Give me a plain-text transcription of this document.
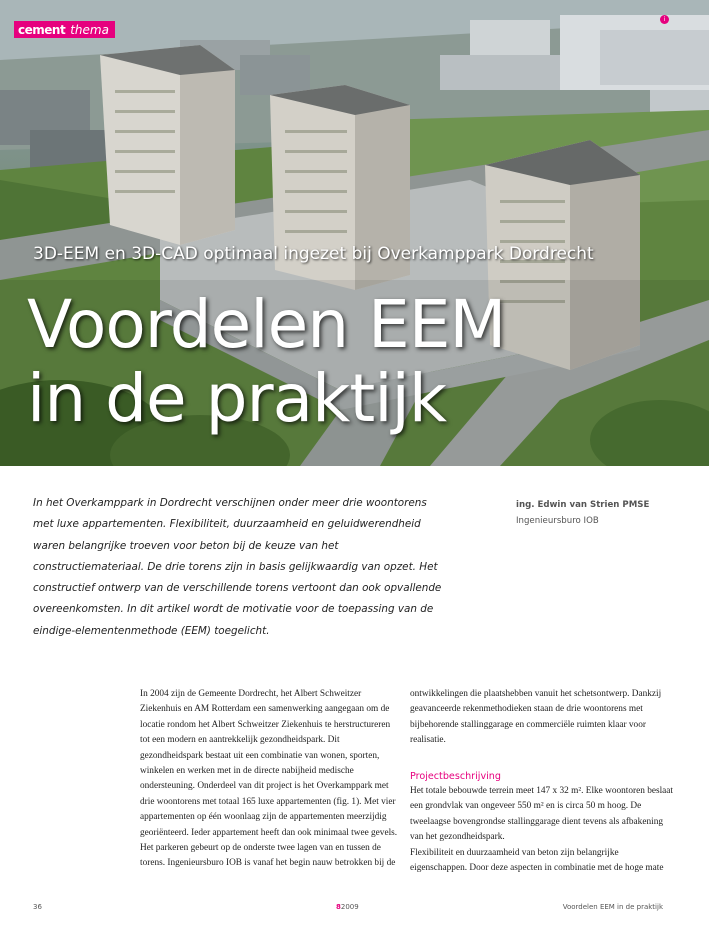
cement thema
i
3D-EEM en 3D-CAD optimaal ingezet bij Overkamppark Dordrecht
Voordelen EEM
in de praktijk
In het Overkamppark in Dordrecht verschijnen onder meer drie woontorens met luxe appartementen. Flexibiliteit, duurzaamheid en geluidwerendheid waren belangrijke troeven voor beton bij de keuze van het constructiemateriaal. De drie torens zijn in basis gelijkwaardig van opzet. Het constructief ontwerp van de verschillende torens vertoont dan ook opvallende overeenkomsten. In dit artikel wordt de motivatie voor de toepassing van de eindige-elementenmethode (EEM) toegelicht.
ing. Edwin van Strien PMSE
Ingenieursburo IOB

In 2004 zijn de Gemeente Dordrecht, het Albert Schweitzer Ziekenhuis en AM Rotterdam een samenwerking aangegaan om de locatie rondom het Albert Schweitzer Ziekenhuis te herstructureren tot een modern en aantrekkelijk gezondheidspark. Dit gezondheidspark bestaat uit een combinatie van wonen, sporten, winkelen en werken met in de directe nabijheid medische ondersteuning. Onderdeel van dit project is het Overkamppark met drie woontorens met totaal 165 luxe appartementen (fig. 1). Met vier appartementen op één woonlaag zijn de appartementen meerzijdig georiënteerd. Ieder appartement heeft dan ook minimaal twee gevels. Het parkeren gebeurt op de onderste twee lagen van en tussen de torens. Ingenieursburo IOB is vanaf het begin nauw betrokken bij de

ontwikkelingen die plaatshebben vanuit het schetsontwerp. Dankzij geavanceerde rekenmethodieken staan de drie woontorens met bijbehorende stallinggarage en commerciële ruimten klaar voor realisatie.

Projectbeschrijving

Het totale bebouwde terrein meet 147 x 32 m². Elke woontoren beslaat een grondvlak van ongeveer 550 m² en is circa 50 m hoog. De tweelaagse bovengrondse stallinggarage dient tevens als afbakening van het gezondheidspark.

Flexibiliteit en duurzaamheid van beton zijn belangrijke eigenschappen. Door deze aspecten in combinatie met de hoge mate

36	82009	Voordelen EEM in de praktijk
